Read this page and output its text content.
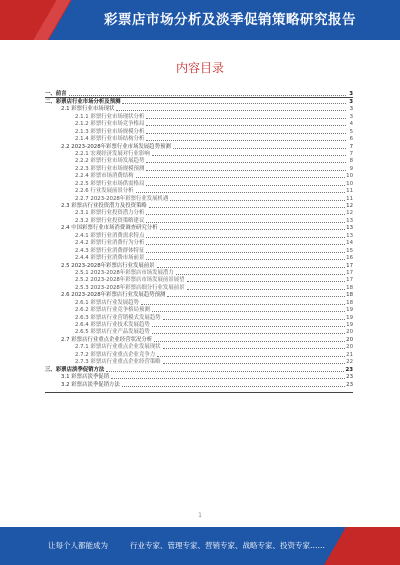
彩票店市场分析及淡季促销策略研究报告
内容目录
一、前言	3
二、彩票店行业市场分析及预测	3
2.1 彩票行业市场现状	3
2.1.1 彩票行业市场现状分析	3
2.1.2 彩票行业市场竞争格局	4
2.1.3 彩票行业市场规模分析	5
2.1.4 彩票行业市场结构分析	6
2.2 2023-2028年彩票行业市场发展趋势预测	7
2.2.1 宏观经济发展对行业影响	7
2.2.2 彩票行业市场发展趋势	8
2.2.3 彩票行业市场规模预测	9
2.2.4 彩票市场消费结构	10
2.2.5 彩票行业市场供需格局	10
2.2.6 行业发展前景分析	11
2.2.7 2023-2028年彩票行业发展机遇	11
2.3 彩票店行业投资潜力及投资策略	12
2.3.1 彩票行业投资潜力分析	12
2.3.2 彩票行业投资策略建议	13
2.4 中国彩票行业市场消费调查研究分析	13
2.4.1 彩票行业消费需求特点	13
2.4.2 彩票行业消费行为分析	14
2.4.3 彩票行业消费群体特征	15
2.4.4 彩票行业消费市场前景	16
2.5 2023-2028年彩票店行业发展前景	17
2.5.1 2023-2028年彩票店市场发展潜力	17
2.5.2 2023-2028年彩票店市场发展前景展望	17
2.5.3 2023-2028年彩票店细分行业发展前景	18
2.6 2023-2028年彩票店行业发展趋势预测	18
2.6.1 彩票店行业发展趋势	18
2.6.2 彩票店行业竞争格局预测	19
2.6.3 彩票店行业营销模式发展趋势	19
2.6.4 彩票店行业技术发展趋势	19
2.6.5 彩票店行业产品发展趋势	20
2.7 彩票店行业重点企业经营状况分析	20
2.7.1 彩票店行业重点企业发展现状	20
2.7.2 彩票店行业重点企业竞争力	21
2.7.3 彩票店行业重点企业经营策略	22
三、彩票店淡季促销方法	23
3.1 彩票店淡季促销	23
3.2 彩票店淡季促销方法	23
1
让每个人都能成为	行业专家、管理专家、营销专家、战略专家、投资专家……
